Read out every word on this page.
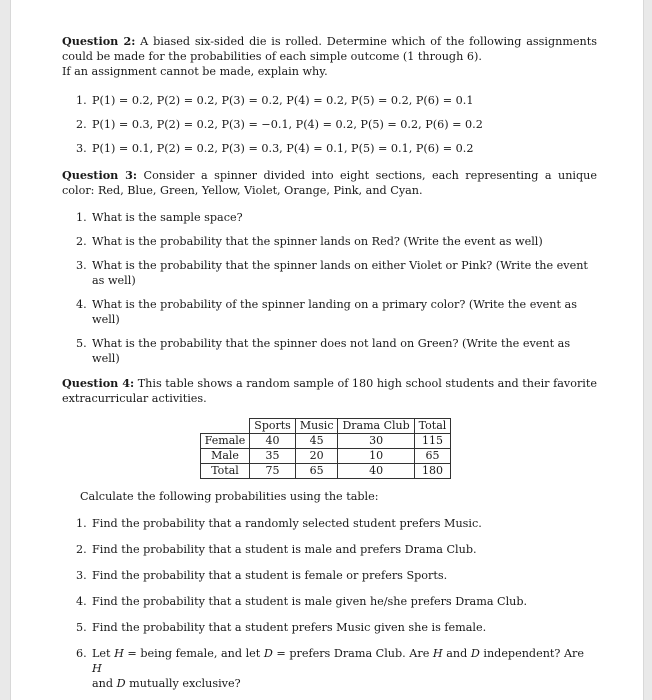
Question 2: A biased six-sided die is rolled. Determine which of the following assignments could be made for the probabilities of each simple outcome (1 through 6).

If an assignment cannot be made, explain why.

1. P(1) = 0.2, P(2) = 0.2, P(3) = 0.2, P(4) = 0.2, P(5) = 0.2, P(6) = 0.1
2. P(1) = 0.3, P(2) = 0.2, P(3) = −0.1, P(4) = 0.2, P(5) = 0.2, P(6) = 0.2
3. P(1) = 0.1, P(2) = 0.2, P(3) = 0.3, P(4) = 0.1, P(5) = 0.1, P(6) = 0.2

Question 3: Consider a spinner divided into eight sections, each representing a unique color: Red, Blue, Green, Yellow, Violet, Orange, Pink, and Cyan.

1. What is the sample space?
2. What is the probability that the spinner lands on Red? (Write the event as well)
3. What is the probability that the spinner lands on either Violet or Pink? (Write the event as well)
4. What is the probability of the spinner landing on a primary color? (Write the event as well)
5. What is the probability that the spinner does not land on Green? (Write the event as well)

Question 4: This table shows a random sample of 180 high school students and their favorite extracurricular activities.

	Sports	Music	Drama Club	Total
Female	40	45	30	115
Male	35	20	10	65
Total	75	65	40	180

Calculate the following probabilities using the table:

1. Find the probability that a randomly selected student prefers Music.
2. Find the probability that a student is male and prefers Drama Club.
3. Find the probability that a student is female or prefers Sports.
4. Find the probability that a student is male given he/she prefers Drama Club.
5. Find the probability that a student prefers Music given she is female.
6. Let H = being female, and let D = prefers Drama Club. Are H and D independent? Are H
and D mutually exclusive?
